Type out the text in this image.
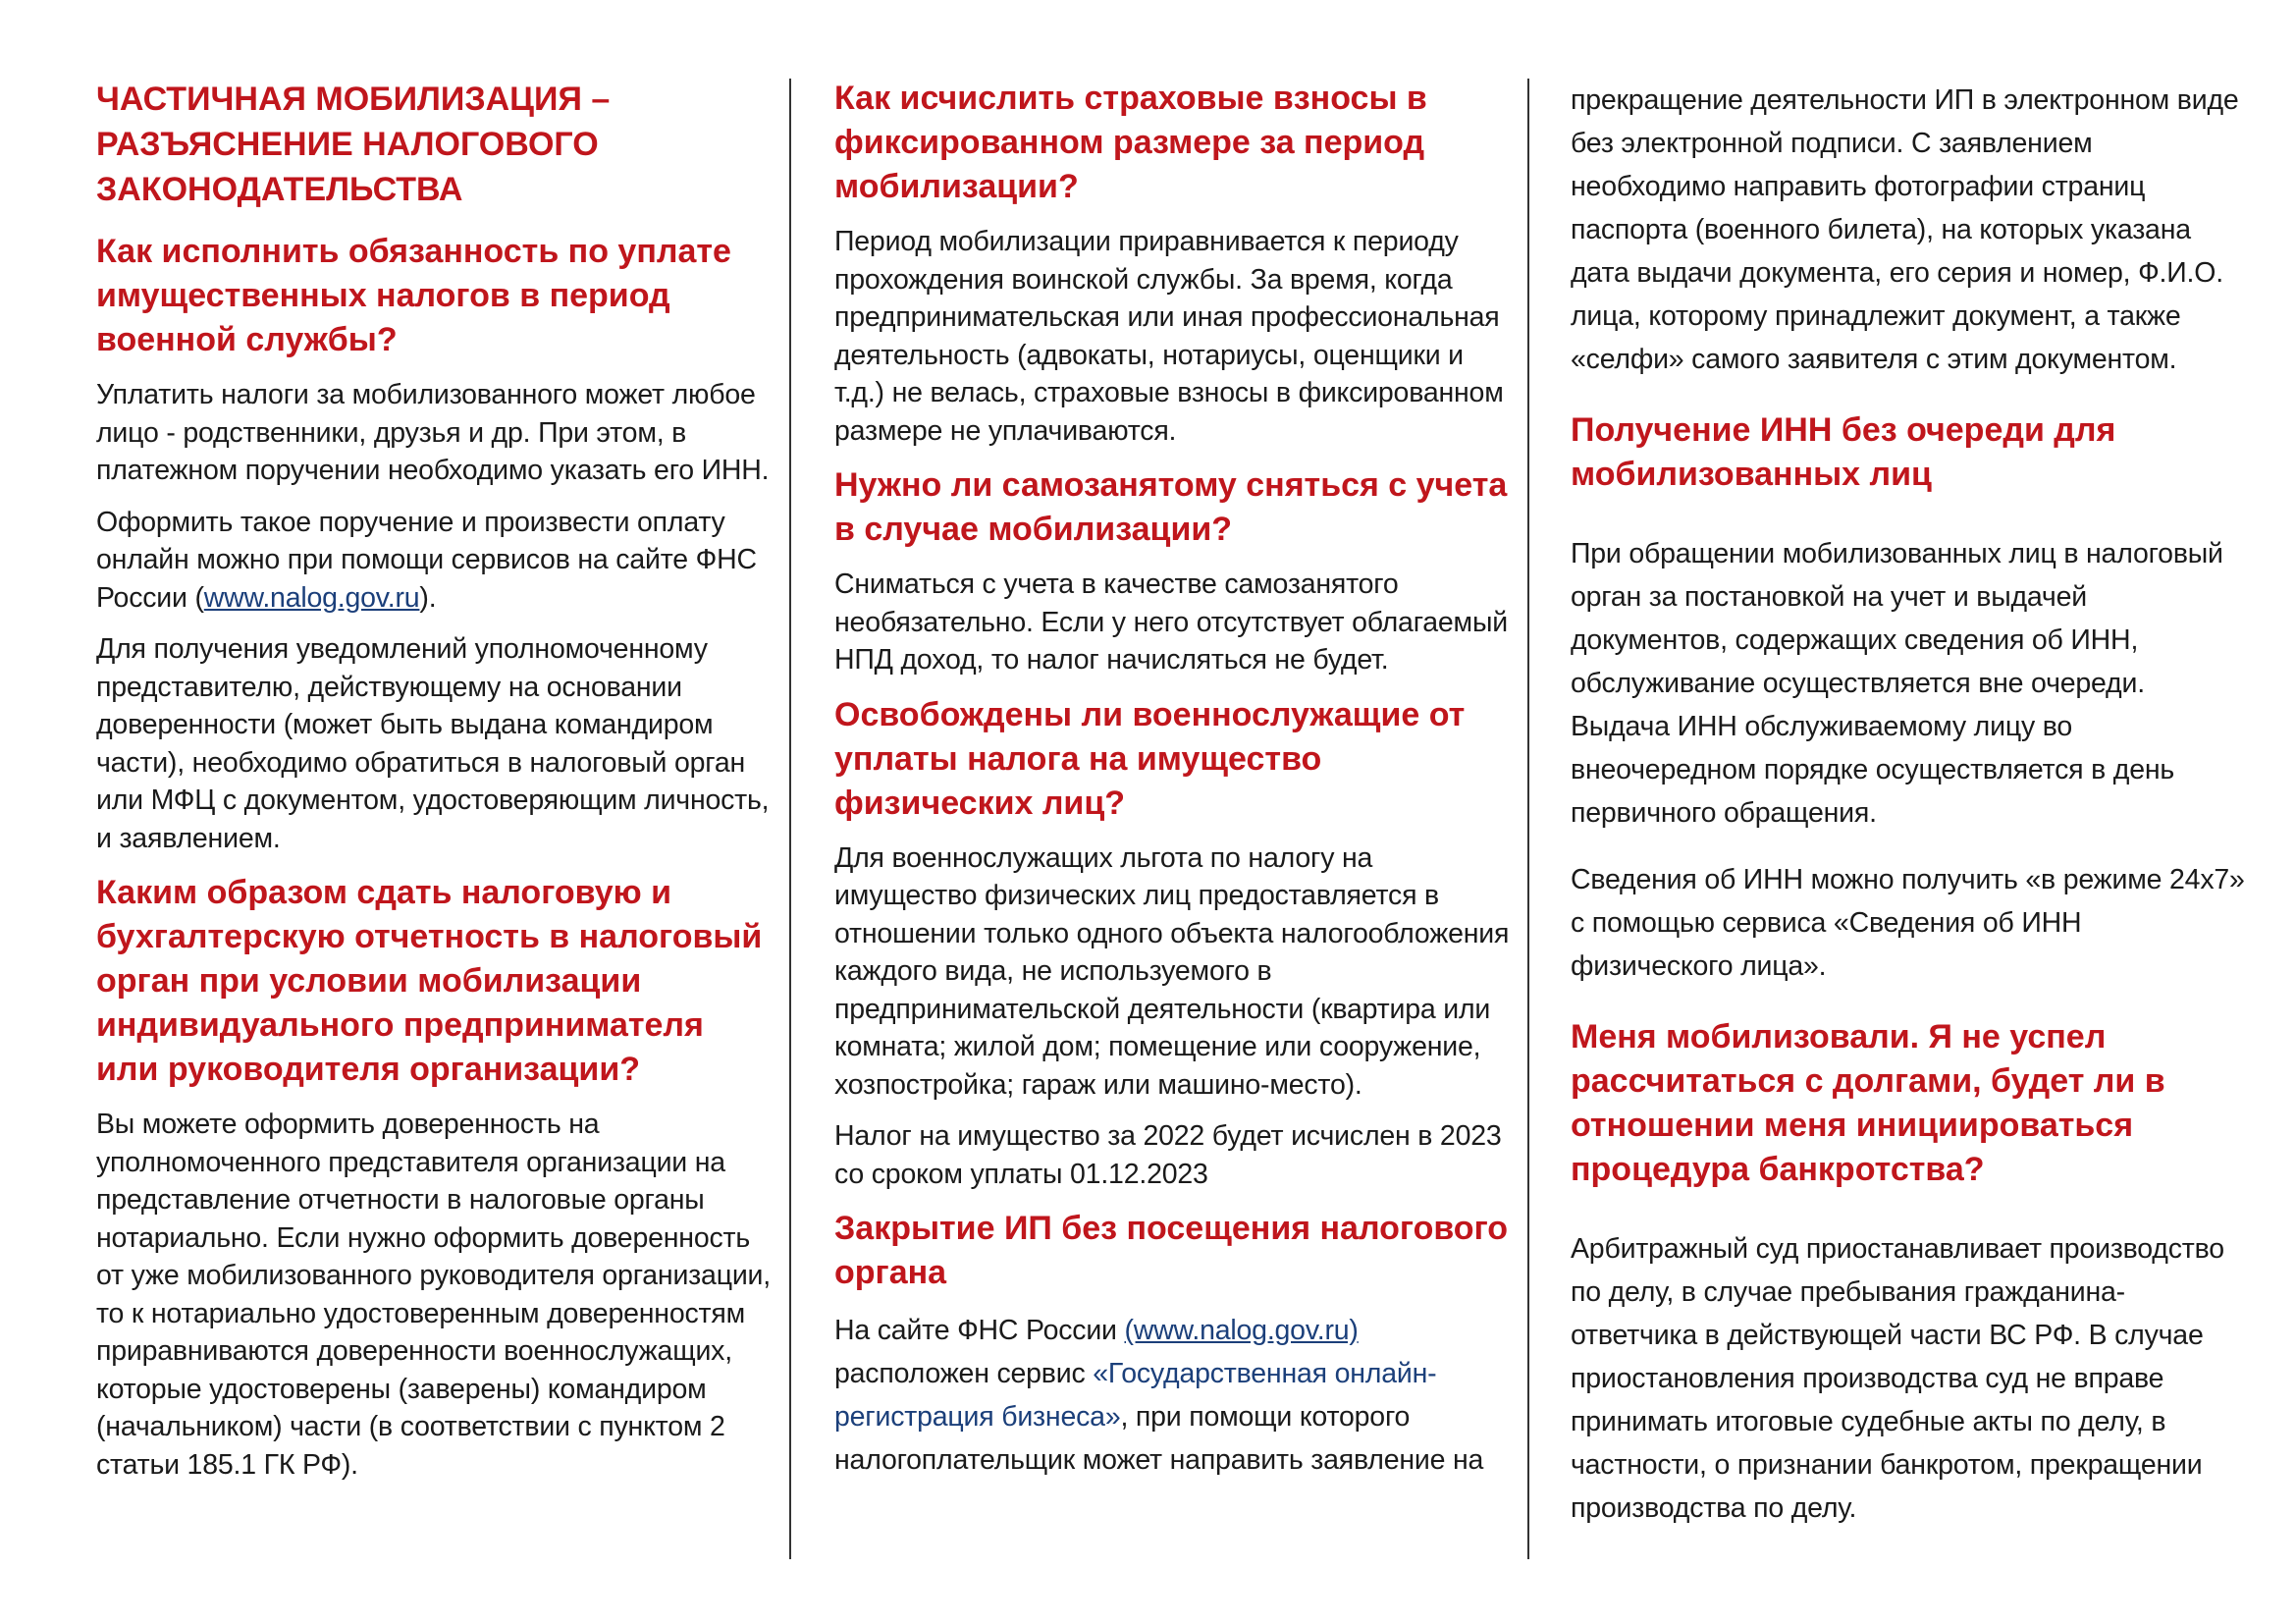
ЧАСТИЧНАЯ МОБИЛИЗАЦИЯ – РАЗЪЯСНЕНИЕ НАЛОГОВОГО ЗАКОНОДАТЕЛЬСТВА
Как исполнить обязанность по уплате имущественных налогов в период военной службы?

Уплатить налоги за мобилизованного может любое лицо - родственники, друзья и др. При этом, в платежном поручении необходимо указать его ИНН.

Оформить такое поручение и произвести оплату онлайн можно при помощи сервисов на сайте ФНС России (www.nalog.gov.ru).

Для получения уведомлений уполномоченному представителю, действующему на основании доверенности (может быть выдана командиром части), необходимо обратиться в налоговый орган или МФЦ с документом, удостоверяющим личность, и заявлением.

Каким образом сдать налоговую и бухгалтерскую отчетность в налоговый орган при условии мобилизации индивидуального предпринимателя или руководителя организации?

Вы можете оформить доверенность на уполномоченного представителя организации на представление отчетности в налоговые органы нотариально. Если нужно оформить доверенность от уже мобилизованного руководителя организации, то к нотариально удостоверенным доверенностям приравниваются доверенности военнослужащих, которые удостоверены (заверены) командиром (начальником) части (в соответствии с пунктом 2 статьи 185.1 ГК РФ).

Как исчислить страховые взносы в фиксированном размере за период мобилизации?

Период мобилизации приравнивается к периоду прохождения воинской службы. За время, когда предпринимательская или иная профессиональная деятельность (адвокаты, нотариусы, оценщики и т.д.) не велась, страховые взносы в фиксированном размере не уплачиваются.

Нужно ли самозанятому сняться с учета в случае мобилизации?

Сниматься с учета в качестве самозанятого необязательно. Если у него отсутствует облагаемый НПД доход, то налог начисляться не будет.

Освобождены ли военнослужащие от уплаты налога на имущество физических лиц?

Для военнослужащих льгота по налогу на имущество физических лиц предоставляется в отношении только одного объекта налогообложения каждого вида, не используемого в предпринимательской деятельности (квартира или комната; жилой дом; помещение или сооружение, хозпостройка; гараж или машино-место).

Налог на имущество за 2022 будет исчислен в 2023 со сроком уплаты 01.12.2023

Закрытие ИП без посещения налогового органа

На сайте ФНС России (www.nalog.gov.ru) расположен сервис «Государственная онлайн-регистрация бизнеса», при помощи которого налогоплательщик может направить заявление на

прекращение деятельности ИП в электронном виде без электронной подписи. С заявлением необходимо направить фотографии страниц паспорта (военного билета), на которых указана дата выдачи документа, его серия и номер, Ф.И.О. лица, которому принадлежит документ, а также «селфи» самого заявителя с этим документом.

Получение ИНН без очереди для мобилизованных лиц

При обращении мобилизованных лиц в налоговый орган за постановкой на учет и выдачей документов, содержащих сведения об ИНН, обслуживание осуществляется вне очереди. Выдача ИНН обслуживаемому лицу во внеочередном порядке осуществляется в день первичного обращения.

Сведения об ИНН можно получить «в режиме 24х7» с помощью сервиса «Сведения об ИНН физического лица».

Меня мобилизовали. Я не успел рассчитаться с долгами, будет ли в отношении меня инициироваться процедура банкротства?

Арбитражный суд приостанавливает производство по делу, в случае пребывания гражданина-ответчика в действующей части ВС РФ. В случае приостановления производства суд не вправе принимать итоговые судебные акты по делу, в частности, о признании банкротом, прекращении производства по делу.
